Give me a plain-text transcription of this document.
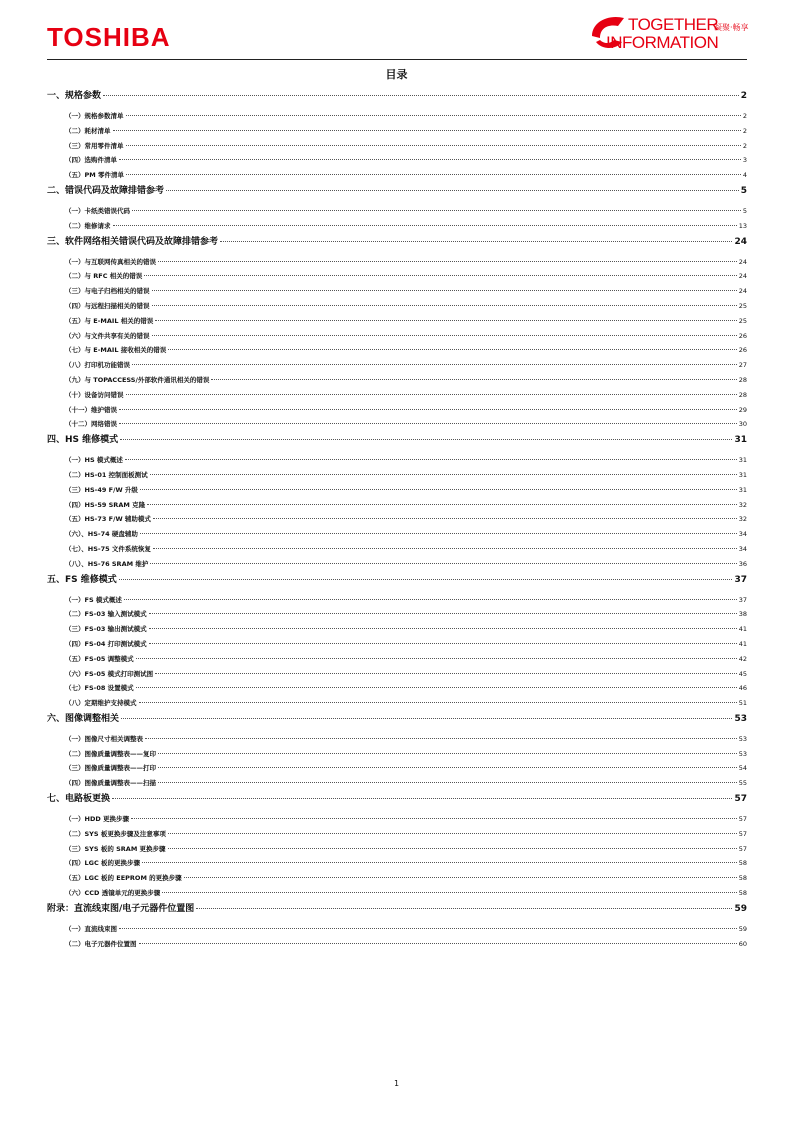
TOSHIBA	TOGETHER
凝聚·畅享
INFORMATION
目录
一、规格参数	2
（一）规格参数清单	2
（二）耗材清单	2
（三）常用零件清单	2
（四）选购件清单	3
（五）PM 零件清单	4
二、错误代码及故障排错参考	5
（一）卡纸类错误代码	5
（二）维修请求	13
三、软件网络相关错误代码及故障排错参考	24
（一）与互联网传真相关的错误	24
（二）与 RFC 相关的错误	24
（三）与电子归档相关的错误	24
（四）与远程扫描相关的错误	25
（五）与 E-MAIL 相关的错误	25
（六）与文件共享有关的错误	26
（七）与 E-MAIL 接收相关的错误	26
（八）打印机功能错误	27
（九）与 TOPACCESS/外部软件通讯相关的错误	28
（十）设备访问错误	28
（十一）维护错误	29
（十二）网络错误	30
四、HS 维修模式	31
（一）HS 模式概述	31
（二）HS-01 控制面板测试	31
（三）HS-49 F/W 升级	31
（四）HS-59 SRAM 克隆	32
（五）HS-73 F/W 辅助模式	32
（六）、HS-74 硬盘辅助	34
（七）、HS-75 文件系统恢复	34
（八）、HS-76 SRAM 维护	36
五、FS 维修模式	37
（一）FS 模式概述	37
（二）FS-03 输入测试模式	38
（三）FS-03 输出测试模式	41
（四）FS-04 打印测试模式	41
（五）FS-05 调整模式	42
（六）FS-05 模式打印测试图	45
（七）FS-08 设置模式	46
（八）定期维护支持模式	51
六、图像调整相关	53
（一）图像尺寸相关调整表	53
（二）图像质量调整表——复印	53
（三）图像质量调整表——打印	54
（四）图像质量调整表——扫描	55
七、电路板更换	57
（一）HDD 更换步骤	57
（二）SYS 板更换步骤及注意事项	57
（三）SYS 板的 SRAM 更换步骤	57
（四）LGC 板的更换步骤	58
（五）LGC 板的 EEPROM 的更换步骤	58
（六）CCD 透镜单元的更换步骤	58
附录：直流线束图/电子元器件位置图	59
（一）直流线束图	59
（二）电子元器件位置图	60
1
